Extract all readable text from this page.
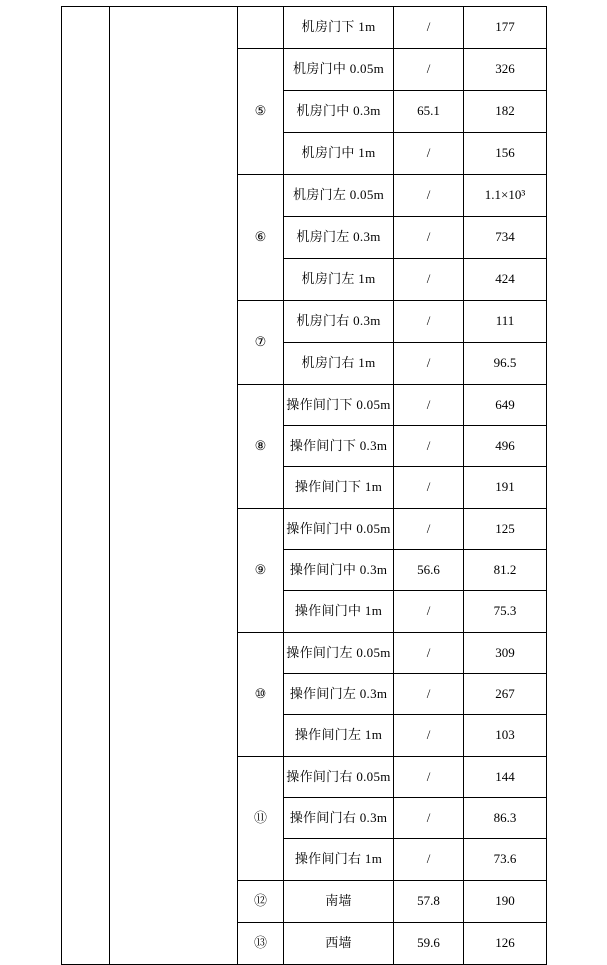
			机房门下 1m	/	177
		⑤	机房门中 0.05m	/	326
			机房门中 0.3m	65.1	182
			机房门中 1m	/	156
		⑥	机房门左 0.05m	/	1.1×10³
			机房门左 0.3m	/	734
			机房门左 1m	/	424
		⑦	机房门右 0.3m	/	111
			机房门右 1m	/	96.5
		⑧	操作间门下 0.05m	/	649
			操作间门下 0.3m	/	496
			操作间门下 1m	/	191
		⑨	操作间门中 0.05m	/	125
			操作间门中 0.3m	56.6	81.2
			操作间门中 1m	/	75.3
		⑩	操作间门左 0.05m	/	309
			操作间门左 0.3m	/	267
			操作间门左 1m	/	103
		⑪	操作间门右 0.05m	/	144
			操作间门右 0.3m	/	86.3
			操作间门右 1m	/	73.6
		⑫	南墙	57.8	190
		⑬	西墙	59.6	126
